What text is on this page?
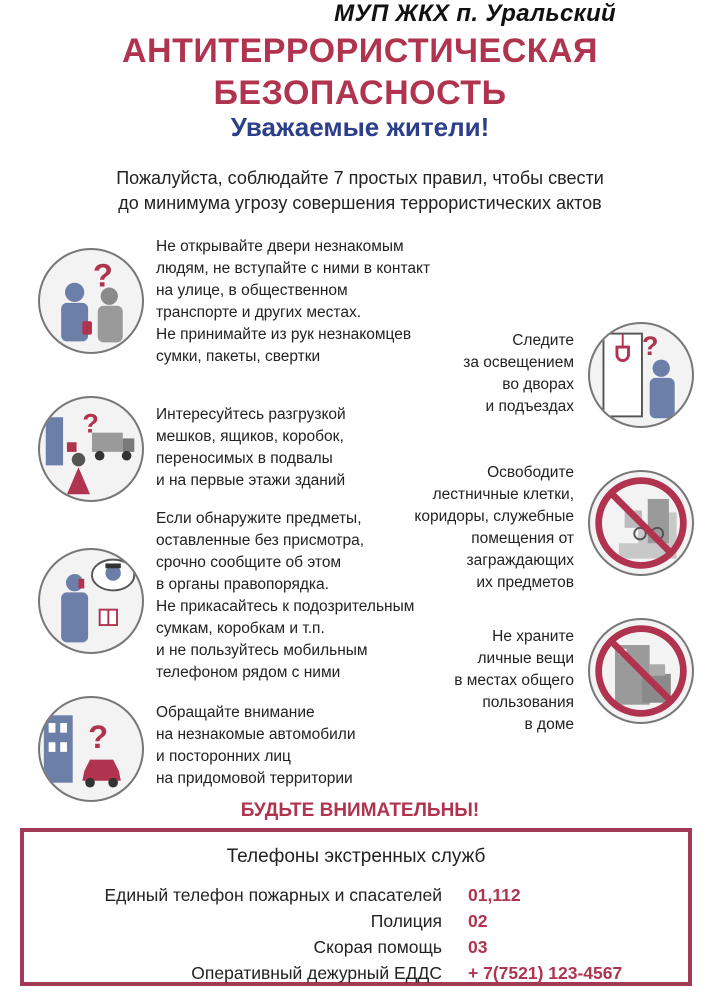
МУП ЖКХ п. Уральский
АНТИТЕРРОРИСТИЧЕСКАЯ
БЕЗОПАСНОСТЬ
Уважаемые жители!
Пожалуйста, соблюдайте 7 простых правил, чтобы свести
до минимума угрозу совершения террористических актов
?
Не открывайте двери незнакомым
людям, не вступайте с ними в контакт
на улице, в общественном
транспорте и других местах.
Не принимайте из рук незнакомцев
сумки, пакеты, свертки
?	Интересуйтесь разгрузкой
мешков, ящиков, коробок,
переносимых в подвалы
и на первые этажи зданий
Если обнаружите предметы,
оставленные без присмотра,
срочно сообщите об этом
в органы правопорядка.
Не прикасайтесь к подозрительным
сумкам, коробкам и т.п.
и не пользуйтесь мобильным
телефоном рядом с ними
?
Обращайте внимание
на незнакомые автомобили
и посторонних лиц
на придомовой территории
?
Следите
за освещением
во дворах
и подъездах
Освободите
лестничные клетки,
коридоры, служебные
помещения от
заграждающих
их предметов
Не храните
личные вещи
в местах общего
пользования
в доме
БУДЬТЕ ВНИМАТЕЛЬНЫ!
Телефоны экстренных служб
Единый телефон пожарных и спасателей 01,112
Полиция 02
Скорая помощь 03
Оперативный дежурный ЕДДС + 7(7521) 123-4567
